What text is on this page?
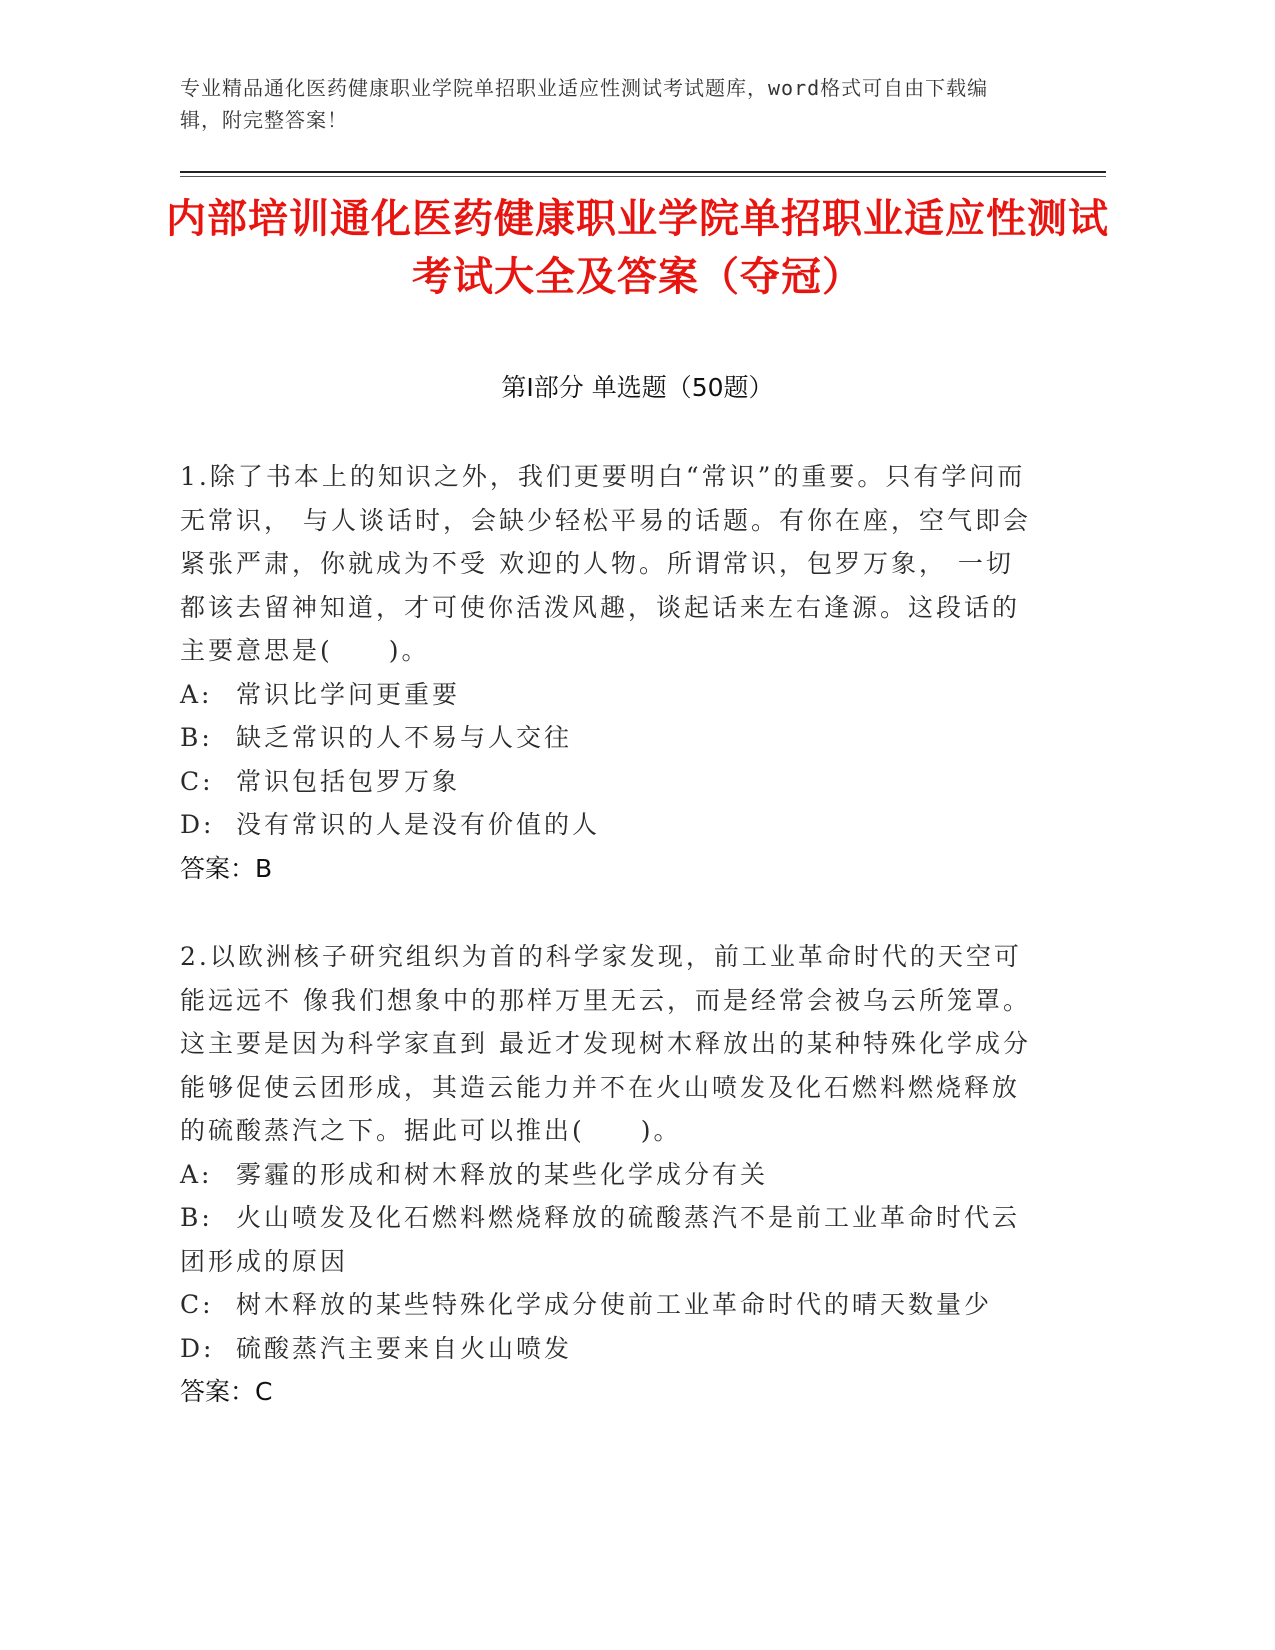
专业精品通化医药健康职业学院单招职业适应性测试考试题库，word格式可自由下载编辑，附完整答案！
内部培训通化医药健康职业学院单招职业适应性测试考试大全及答案（夺冠）
第Ⅰ部分 单选题（50题）
1.除了书本上的知识之外，我们更要明白“常识”的重要。只有学问而无常识， 与人谈话时，会缺少轻松平易的话题。有你在座，空气即会紧张严肃，你就成为不受 欢迎的人物。所谓常识，包罗万象， 一切都该去留神知道，才可使你活泼风趣，谈起话来左右逢源。这段话的主要意思是(　　)。
A: 常识比学问更重要
B: 缺乏常识的人不易与人交往
C: 常识包括包罗万象
D: 没有常识的人是没有价值的人
答案：B
2.以欧洲核子研究组织为首的科学家发现，前工业革命时代的天空可能远远不 像我们想象中的那样万里无云，而是经常会被乌云所笼罩。这主要是因为科学家直到 最近才发现树木释放出的某种特殊化学成分能够促使云团形成，其造云能力并不在火山喷发及化石燃料燃烧释放的硫酸蒸汽之下。据此可以推出(　　)。
A: 雾霾的形成和树木释放的某些化学成分有关
B: 火山喷发及化石燃料燃烧释放的硫酸蒸汽不是前工业革命时代云团形成的原因
C: 树木释放的某些特殊化学成分使前工业革命时代的晴天数量少
D: 硫酸蒸汽主要来自火山喷发
答案：C
